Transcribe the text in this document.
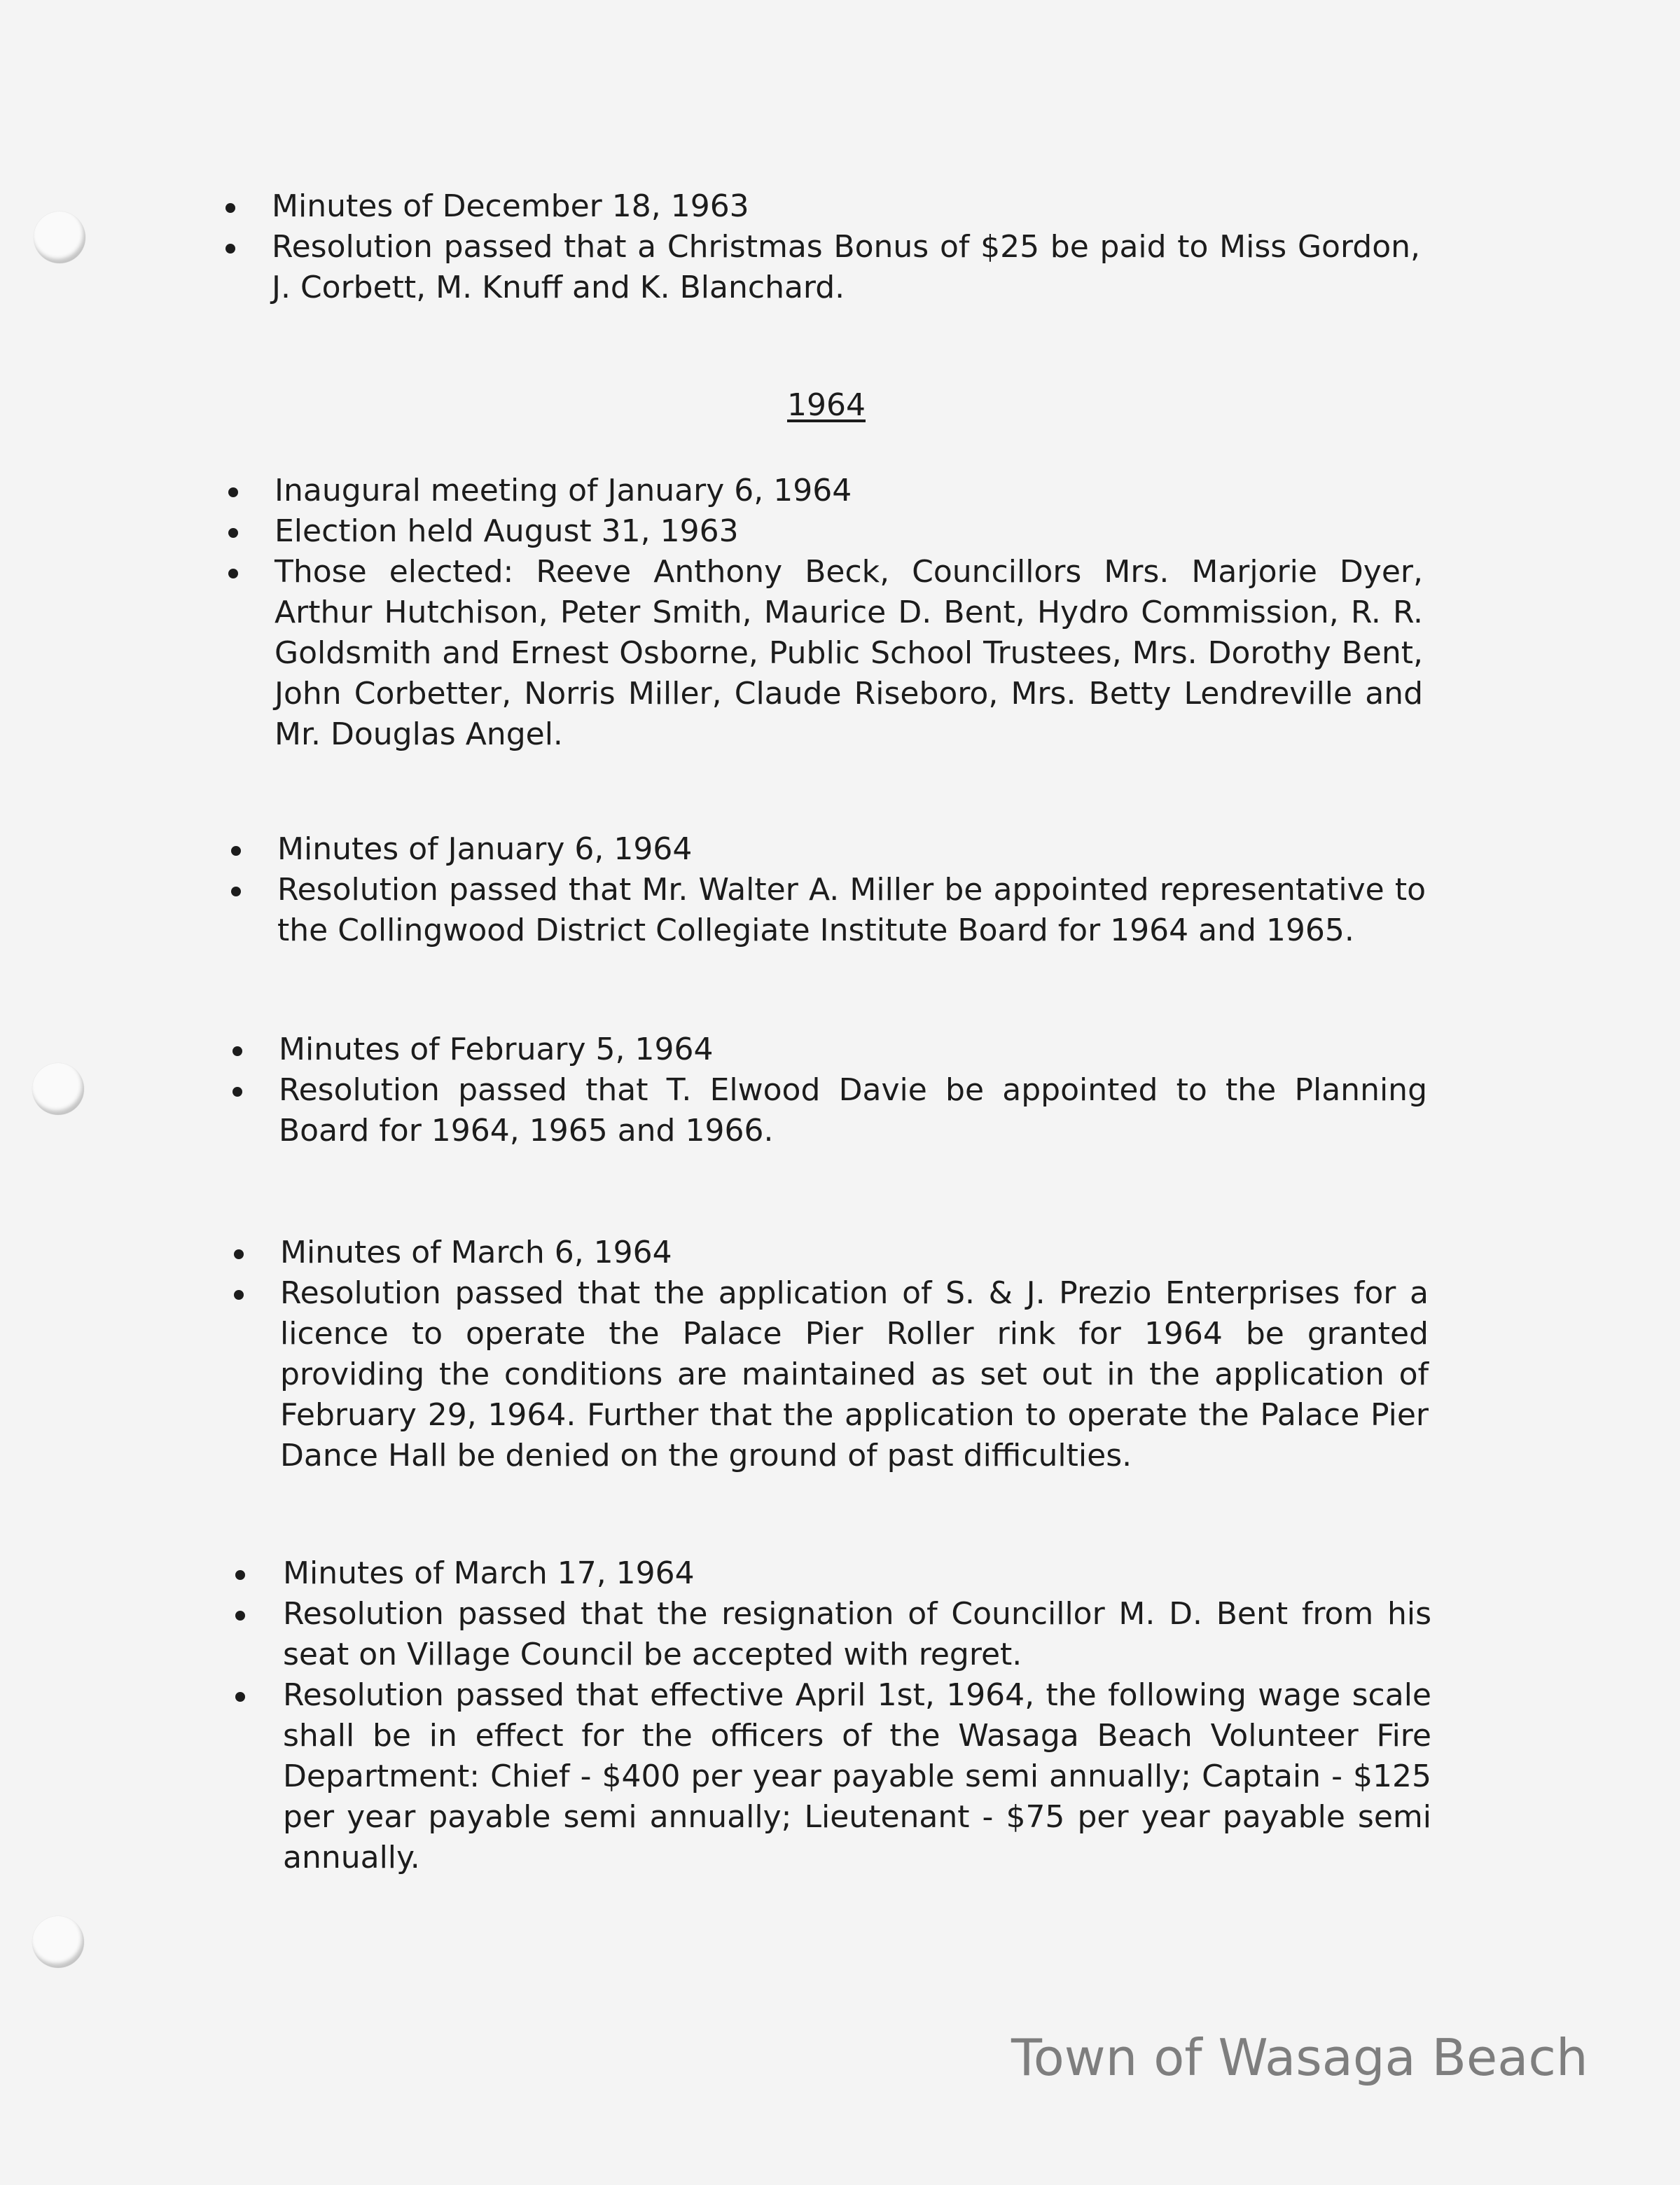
Minutes of December 18, 1963
Resolution passed that a Christmas Bonus of $25 be paid to Miss Gordon, J. Corbett, M. Knuff and K. Blanchard.
1964
Inaugural meeting of January 6, 1964
Election held August 31, 1963
Those elected: Reeve Anthony Beck, Councillors Mrs. Marjorie Dyer, Arthur Hutchison, Peter Smith, Maurice D. Bent, Hydro Commission, R. R. Goldsmith and Ernest Osborne, Public School Trustees, Mrs. Dorothy Bent, John Corbetter, Norris Miller, Claude Riseboro, Mrs. Betty Lendreville and Mr. Douglas Angel.
Minutes of January 6, 1964
Resolution passed that Mr. Walter A. Miller be appointed representative to the Collingwood District Collegiate Institute Board for 1964 and 1965.
Minutes of February 5, 1964
Resolution passed that T. Elwood Davie be appointed to the Planning Board for 1964, 1965 and 1966.
Minutes of March 6, 1964
Resolution passed that the application of S. & J. Prezio Enterprises for a licence to operate the Palace Pier Roller rink for 1964 be granted providing the conditions are maintained as set out in the application of February 29, 1964. Further that the application to operate the Palace Pier Dance Hall be denied on the ground of past difficulties.
Minutes of March 17, 1964
Resolution passed that the resignation of Councillor M. D. Bent from his seat on Village Council be accepted with regret.
Resolution passed that effective April 1st, 1964, the following wage scale shall be in effect for the officers of the Wasaga Beach Volunteer Fire Department: Chief - $400 per year payable semi annually; Captain - $125 per year payable semi annually; Lieutenant - $75 per year payable semi annually.
Town of Wasaga Beach
